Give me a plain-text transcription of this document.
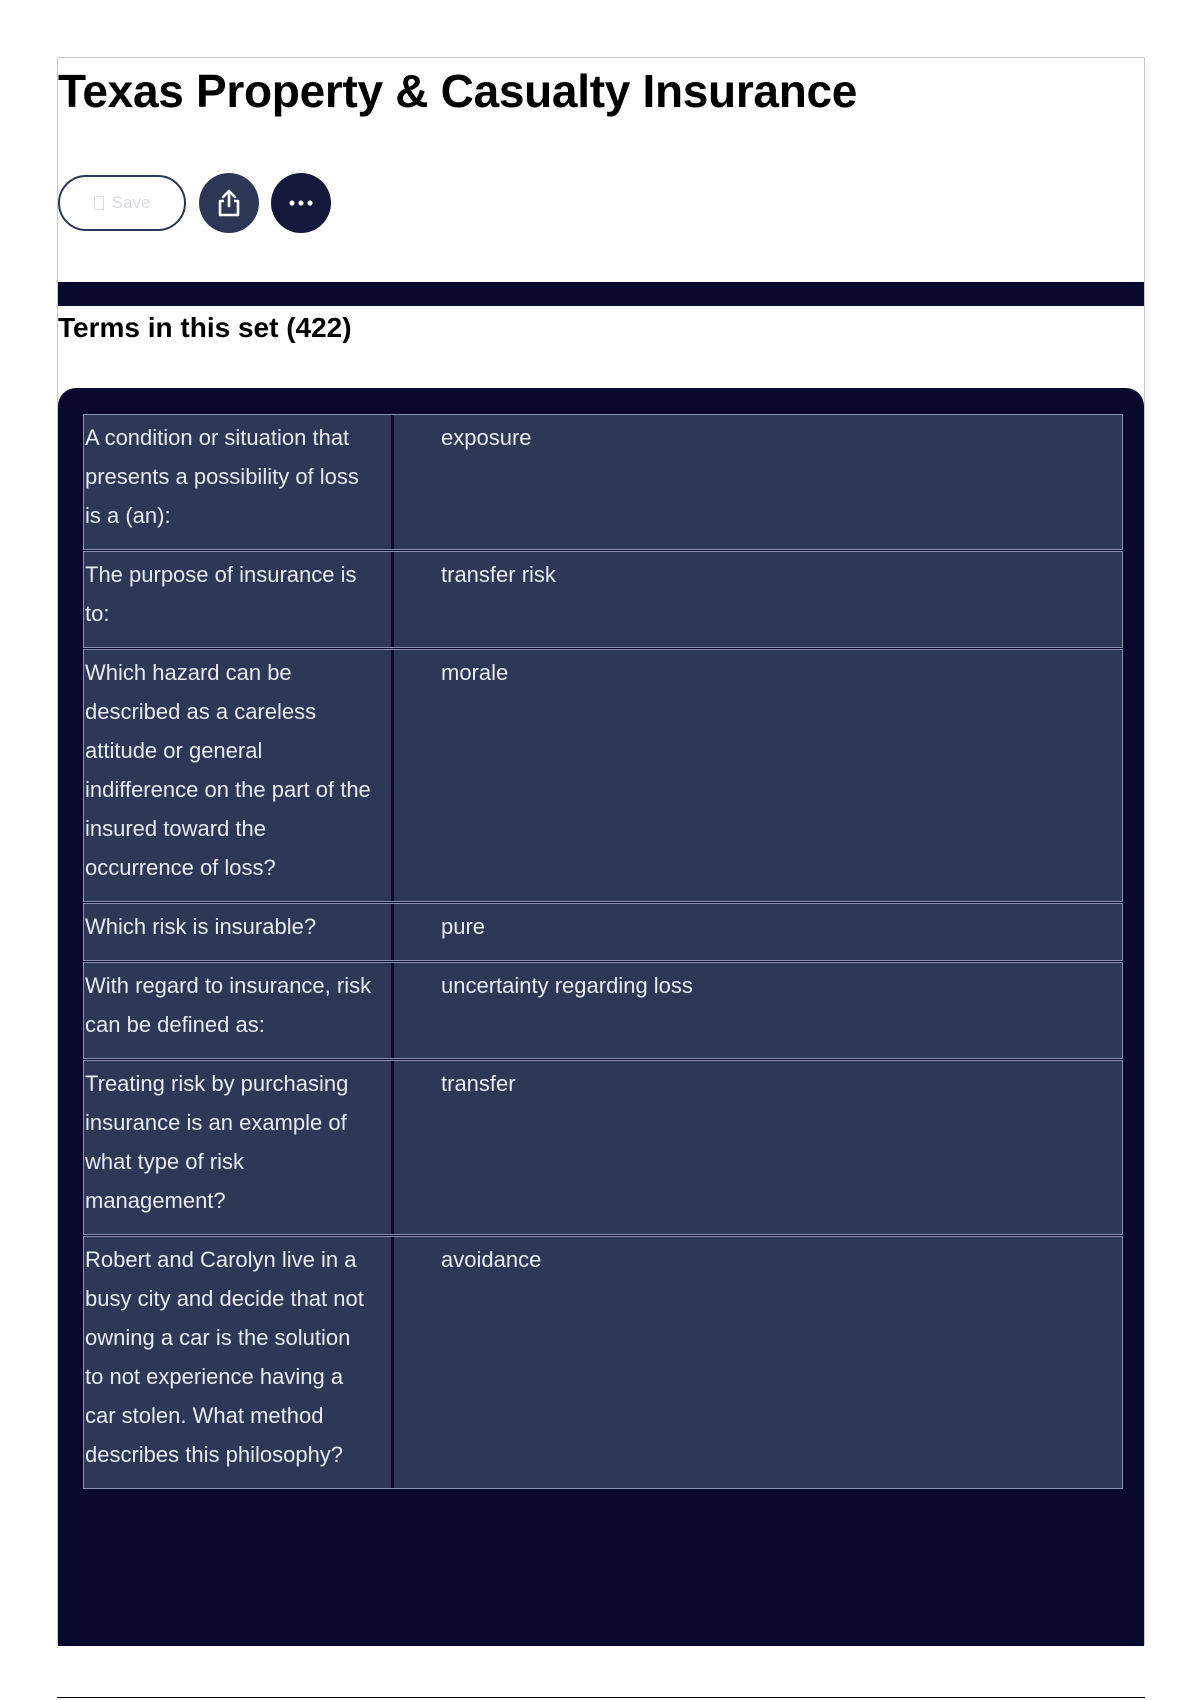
Texas Property & Casualty Insurance
Save
Terms in this set (422)
A condition or situation that presents a possibility of loss is a (an):
exposure
The purpose of insurance is to:
transfer risk
Which hazard can be described as a careless attitude or general indifference on the part of the insured toward the occurrence of loss?
morale
Which risk is insurable?	pure
With regard to insurance, risk can be defined as:
uncertainty regarding loss
Treating risk by purchasing insurance is an example of what type of risk management?
transfer
Robert and Carolyn live in a busy city and decide that not owning a car is the solution to not experience having a car stolen. What method describes this philosophy?
avoidance
